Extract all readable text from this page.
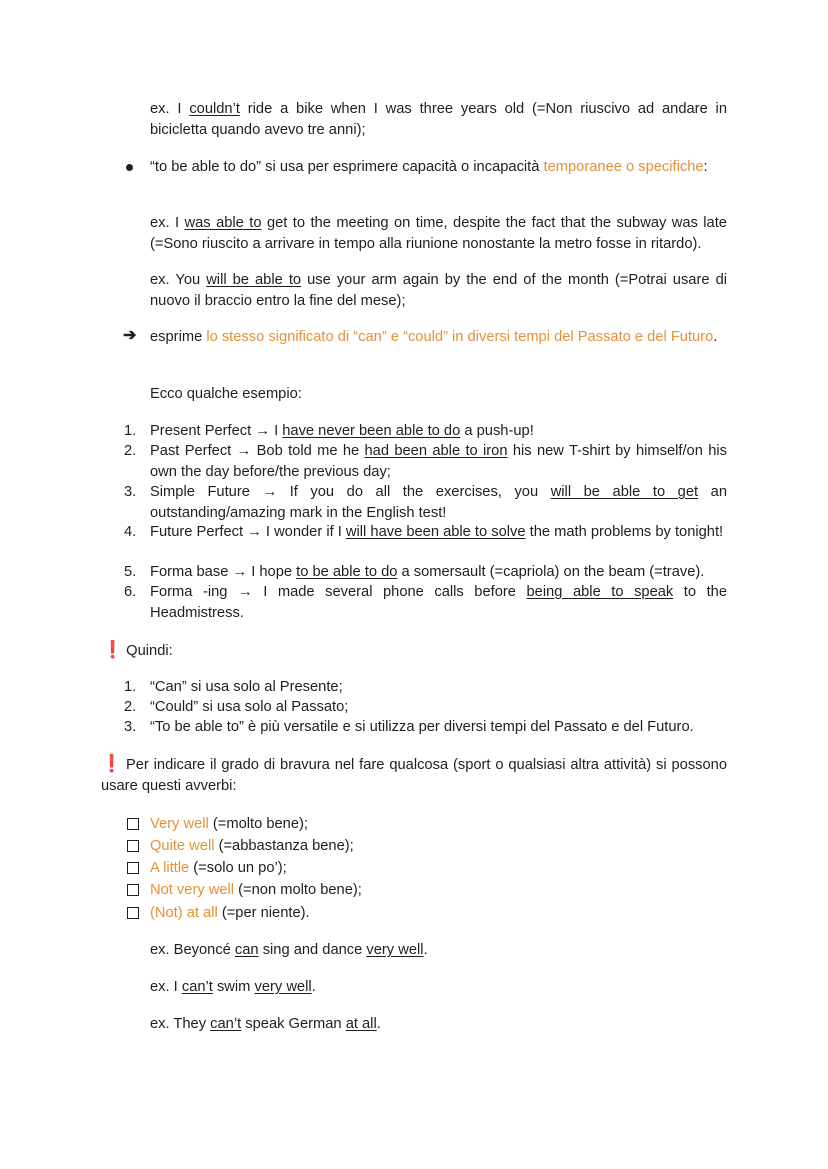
ex. I couldn’t ride a bike when I was three years old (=Non riuscivo ad andare in bicicletta quando avevo tre anni);
“to be able to do” si usa per esprimere capacità o incapacità temporanee o specifiche:
ex. I was able to get to the meeting on time, despite the fact that the subway was late (=Sono riuscito a arrivare in tempo alla riunione nonostante la metro fosse in ritardo).
ex. You will be able to use your arm again by the end of the month (=Potrai usare di nuovo il braccio entro la fine del mese);
➔ esprime lo stesso significato di “can” e “could” in diversi tempi del Passato e del Futuro.
Ecco qualche esempio:
1. Present Perfect → I have never been able to do a push-up!
2. Past Perfect → Bob told me he had been able to iron his new T-shirt by himself/on his own the day before/the previous day;
3. Simple Future → If you do all the exercises, you will be able to get an outstanding/amazing mark in the English test!
4. Future Perfect → I wonder if I will have been able to solve the math problems by tonight!
5. Forma base → I hope to be able to do a somersault (=capriola) on the beam (=trave).
6. Forma -ing → I made several phone calls before being able to speak to the Headmistress.
❗ Quindi:
1. “Can” si usa solo al Presente;
2. “Could” si usa solo al Passato;
3. “To be able to” è più versatile e si utilizza per diversi tempi del Passato e del Futuro.
❗ Per indicare il grado di bravura nel fare qualcosa (sport o qualsiasi altra attività) si possono usare questi avverbi:
Very well (=molto bene);
Quite well (=abbastanza bene);
A little (=solo un po’);
Not very well (=non molto bene);
(Not) at all (=per niente).
ex. Beyoncé can sing and dance very well.
ex. I can’t swim very well.
ex. They can’t speak German at all.
